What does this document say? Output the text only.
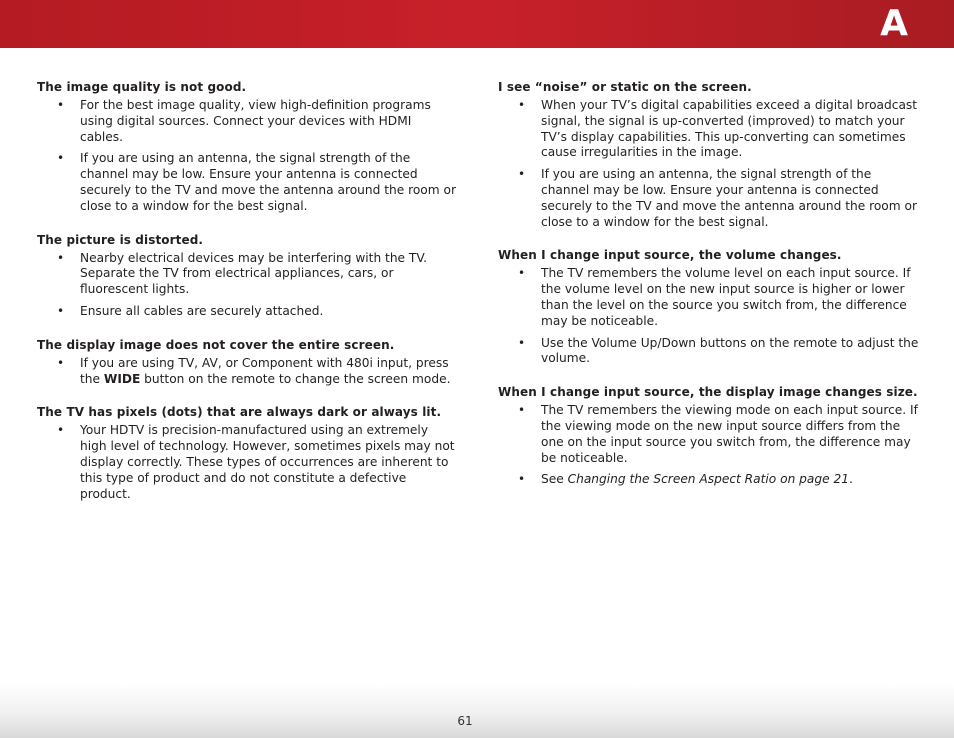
A

The image quality is not good.

• For the best image quality, view high-definition programs using digital sources. Connect your devices with HDMI cables.
• If you are using an antenna, the signal strength of the channel may be low. Ensure your antenna is connected securely to the TV and move the antenna around the room or close to a window for the best signal.

The picture is distorted.

• Nearby electrical devices may be interfering with the TV. Separate the TV from electrical appliances, cars, or fluorescent lights.
• Ensure all cables are securely attached.

The display image does not cover the entire screen.

• If you are using TV, AV, or Component with 480i input, press the WIDE button on the remote to change the screen mode.

The TV has pixels (dots) that are always dark or always lit.

• Your HDTV is precision-manufactured using an extremely high level of technology. However, sometimes pixels may not display correctly. These types of occurrences are inherent to this type of product and do not constitute a defective product.

I see “noise” or static on the screen.

• When your TV’s digital capabilities exceed a digital broadcast signal, the signal is up-converted (improved) to match your TV’s display capabilities. This up-converting can sometimes cause irregularities in the image.
• If you are using an antenna, the signal strength of the channel may be low. Ensure your antenna is connected securely to the TV and move the antenna around the room or close to a window for the best signal.

When I change input source, the volume changes.

• The TV remembers the volume level on each input source. If the volume level on the new input source is higher or lower than the level on the source you switch from, the difference may be noticeable.
• Use the Volume Up/Down buttons on the remote to adjust the volume.

When I change input source, the display image changes size.

• The TV remembers the viewing mode on each input source. If the viewing mode on the new input source differs from the one on the input source you switch from, the difference may be noticeable.
• See Changing the Screen Aspect Ratio on page 21.
61
